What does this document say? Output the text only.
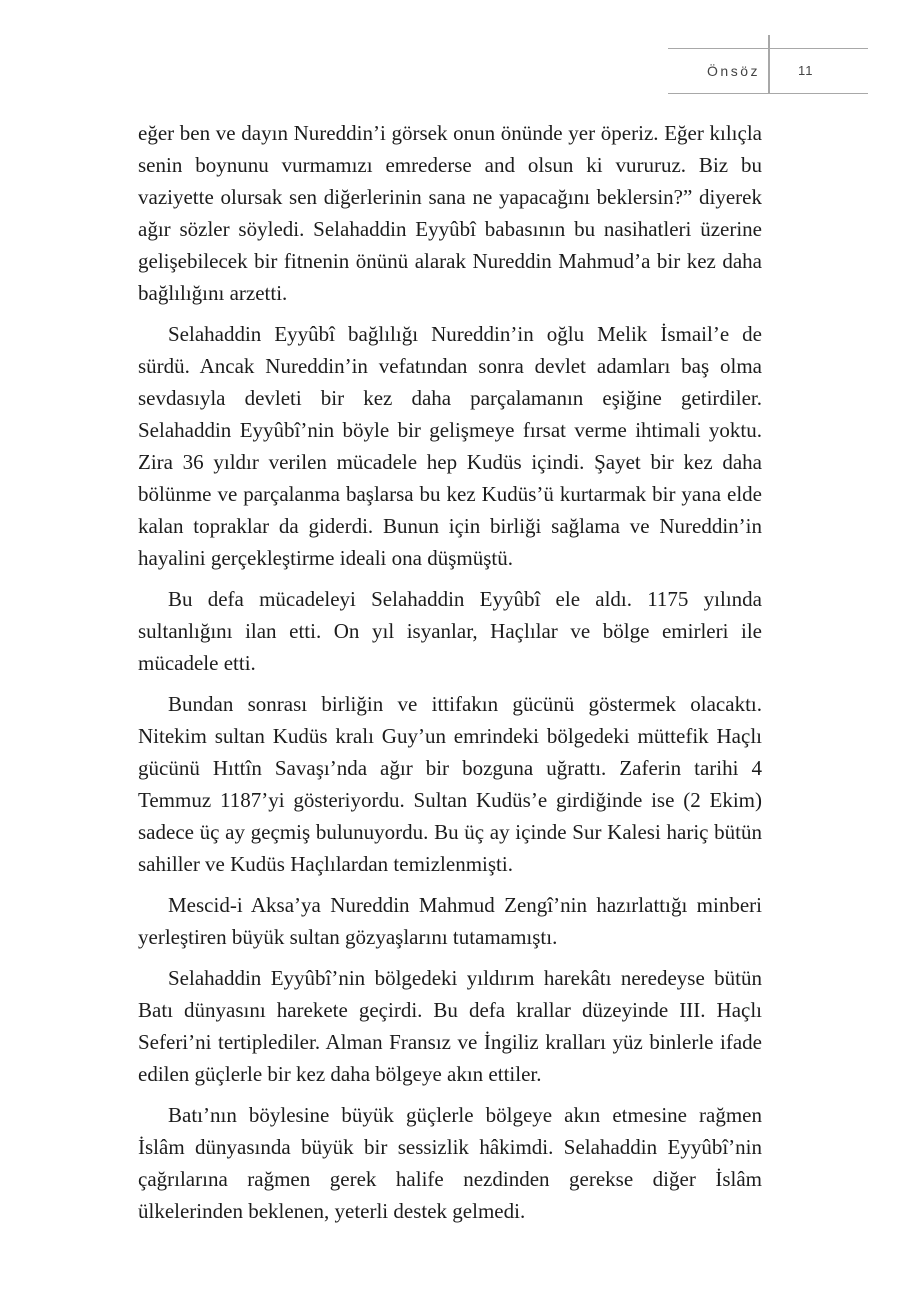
Önsöz	11

eğer ben ve dayın Nureddin’i görsek onun önünde yer öperiz. Eğer kılıçla senin boynunu vurmamızı emrederse and olsun ki vururuz. Biz bu vaziyette olursak sen diğerlerinin sana ne yapacağını beklersin?” diyerek ağır sözler söyledi. Selahaddin Eyyûbî babasının bu nasihatleri üzerine gelişebilecek bir fitnenin önünü alarak Nureddin Mahmud’a bir kez daha bağlılığını arzetti.

Selahaddin Eyyûbî bağlılığı Nureddin’in oğlu Melik İsmail’e de sürdü. Ancak Nureddin’in vefatından sonra devlet adamları baş olma sevdasıyla devleti bir kez daha parçalamanın eşiğine getirdiler. Selahaddin Eyyûbî’nin böyle bir gelişmeye fırsat verme ihtimali yoktu. Zira 36 yıldır verilen mücadele hep Kudüs içindi. Şayet bir kez daha bölünme ve parçalanma başlarsa bu kez Kudüs’ü kurtarmak bir yana elde kalan topraklar da giderdi. Bunun için birliği sağlama ve Nureddin’in hayalini gerçekleştirme ideali ona düşmüştü.

Bu defa mücadeleyi Selahaddin Eyyûbî ele aldı. 1175 yılında sultanlığını ilan etti. On yıl isyanlar, Haçlılar ve bölge emirleri ile mücadele etti.

Bundan sonrası birliğin ve ittifakın gücünü göstermek olacaktı. Nitekim sultan Kudüs kralı Guy’un emrindeki bölgedeki müttefik Haçlı gücünü Hıttîn Savaşı’nda ağır bir bozguna uğrattı. Zaferin tarihi 4 Temmuz 1187’yi gösteriyordu. Sultan Kudüs’e girdiğinde ise (2 Ekim) sadece üç ay geçmiş bulunuyordu. Bu üç ay içinde Sur Kalesi hariç bütün sahiller ve Kudüs Haçlılardan temizlenmişti.

Mescid-i Aksa’ya Nureddin Mahmud Zengî’nin hazırlattığı minberi yerleştiren büyük sultan gözyaşlarını tutamamıştı.

Selahaddin Eyyûbî’nin bölgedeki yıldırım harekâtı neredeyse bütün Batı dünyasını harekete geçirdi. Bu defa krallar düzeyinde III. Haçlı Seferi’ni tertiplediler. Alman Fransız ve İngiliz kralları yüz binlerle ifade edilen güçlerle bir kez daha bölgeye akın ettiler.

Batı’nın böylesine büyük güçlerle bölgeye akın etmesine rağmen İslâm dünyasında büyük bir sessizlik hâkimdi. Selahaddin Eyyûbî’nin çağrılarına rağmen gerek halife nezdinden gerekse diğer İslâm ülkelerinden beklenen, yeterli destek gelmedi.
